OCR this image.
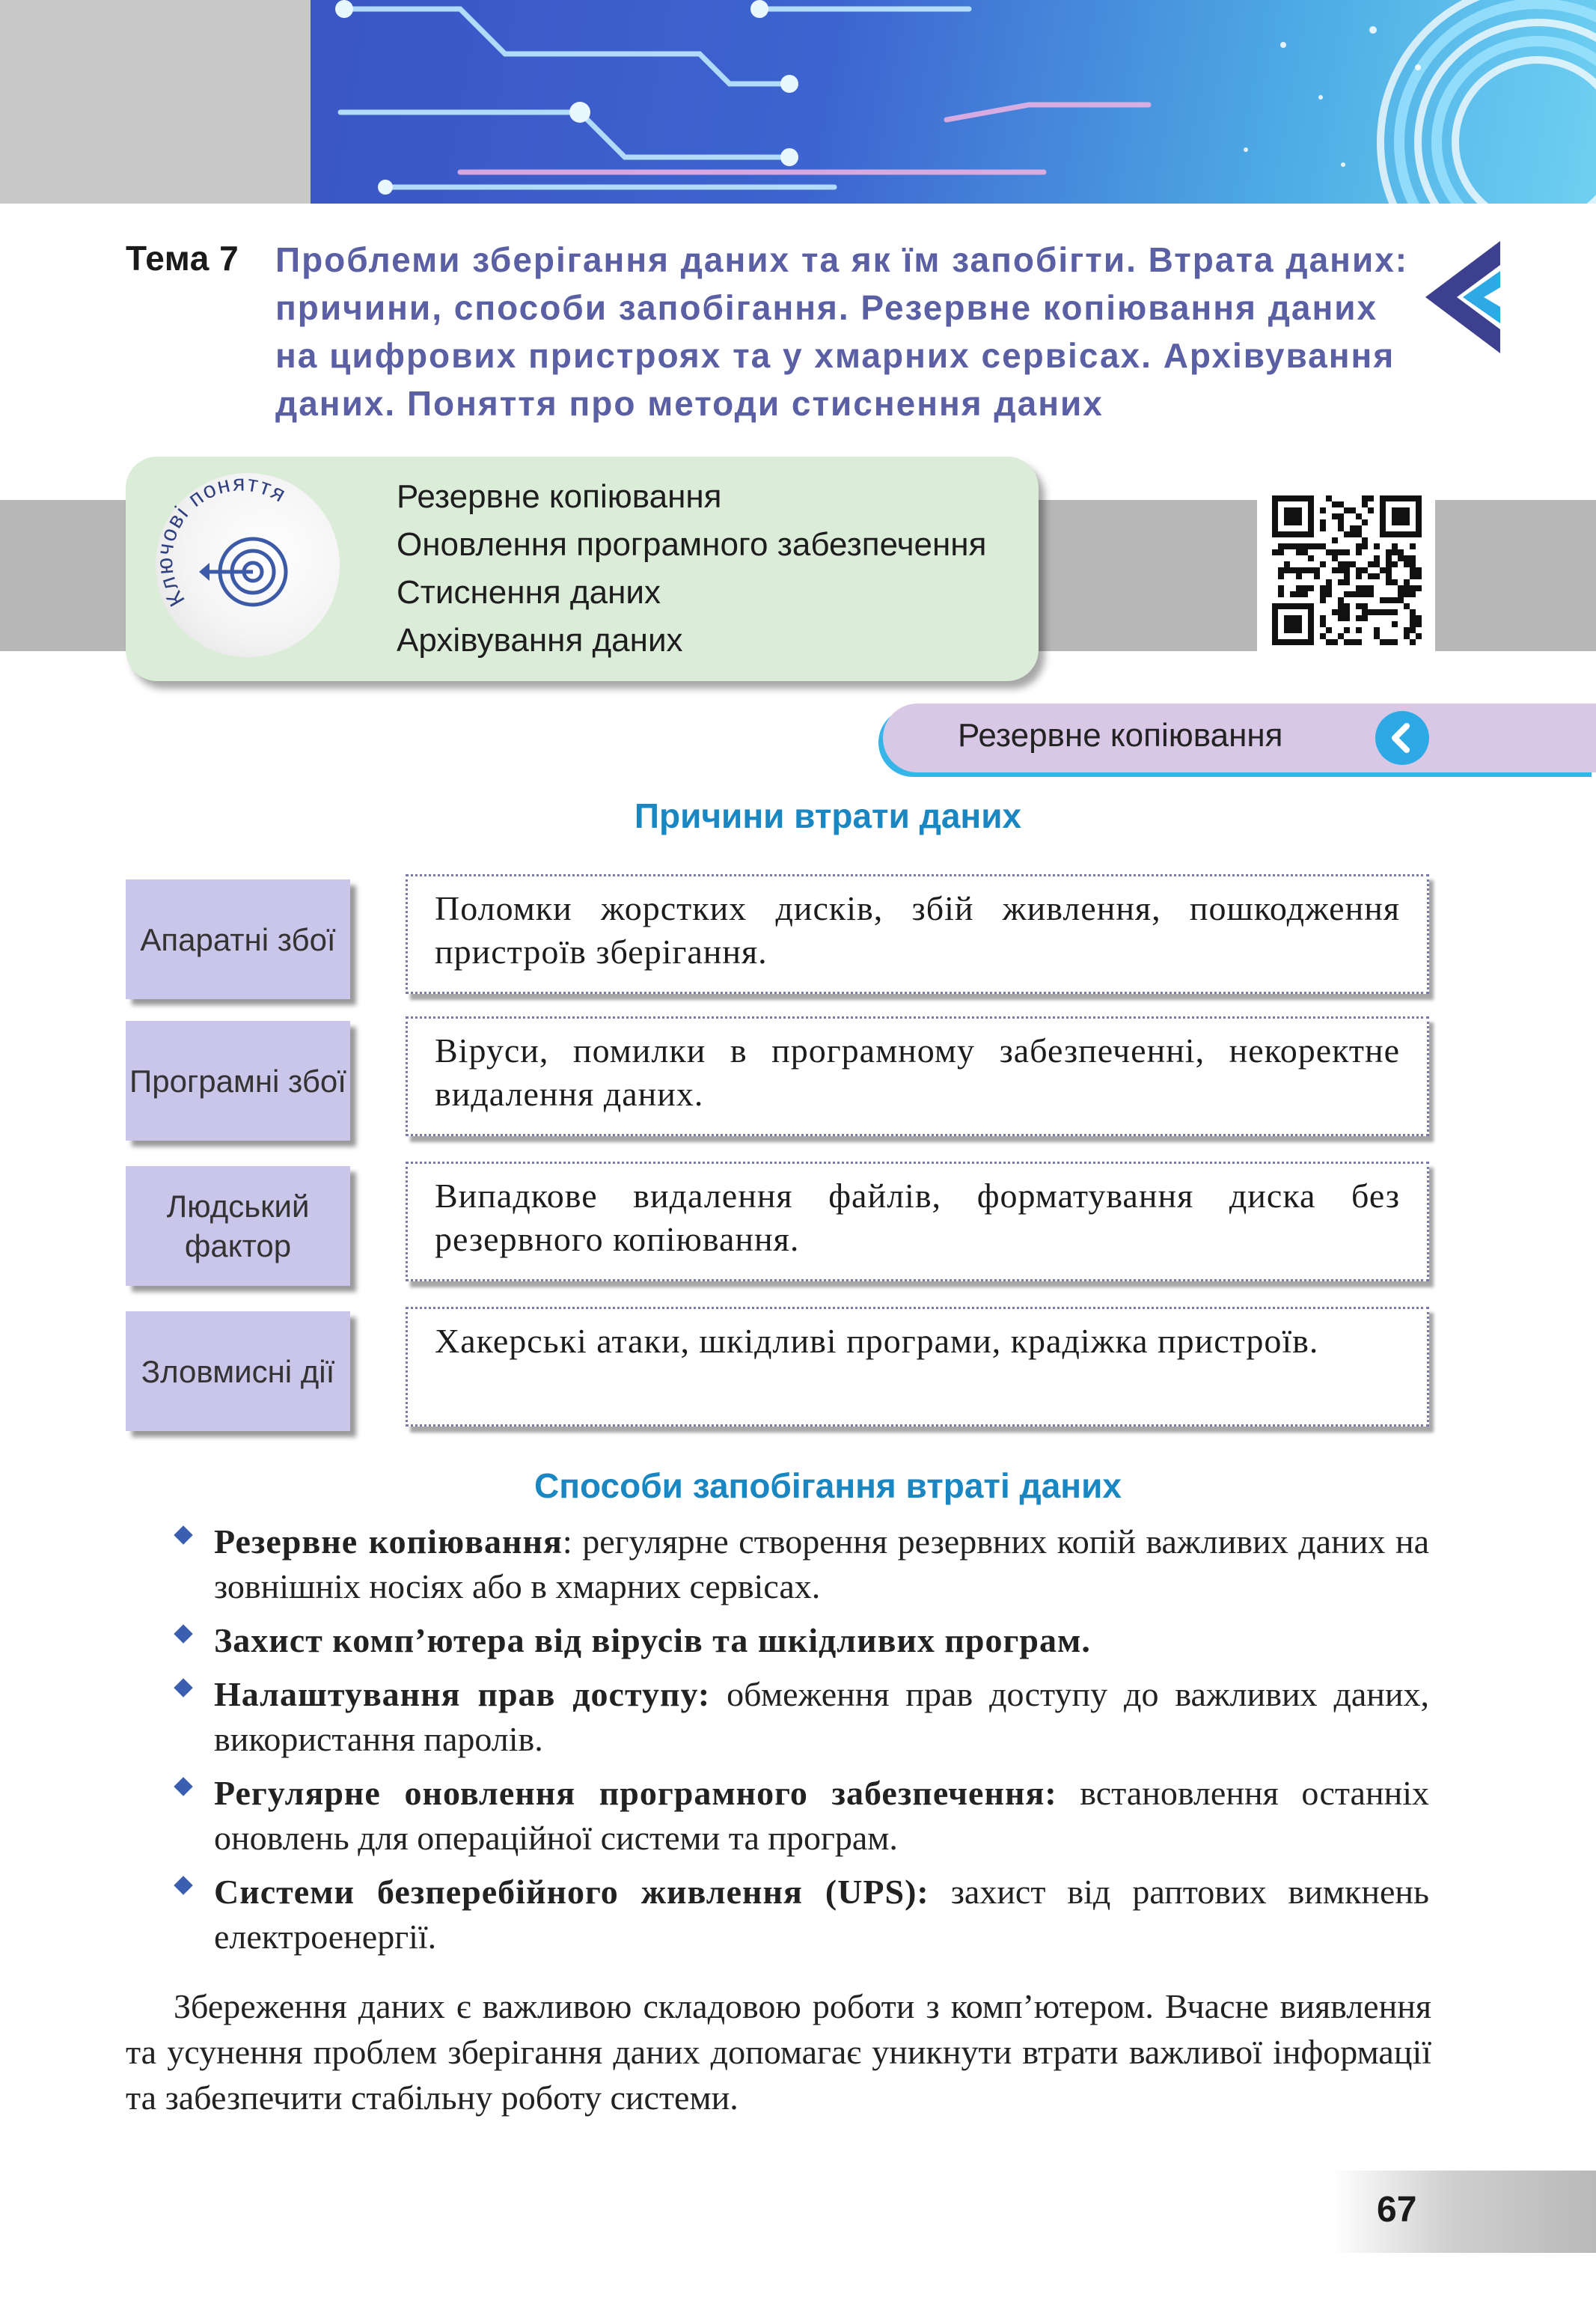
Тема 7 Проблеми зберігання даних та як їм запобігти. Втрата даних: причини, способи запобігання. Резервне копіювання даних на цифрових пристроях та у хмарних сервісах. Архівування даних. Поняття про методи стиснення даних

Кл ові поняття	Резервне копіювання
Оновлення програмного забезпечення
Стиснення даних
Архівування даних
Резервне копіювання
Причини втрати даних
Апаратні збої
Поломки жорстких дисків, збій живлення, пошкодження пристроїв зберігання.
Програмні збої
Віруси, помилки в програмному забезпеченні, некоректне видалення даних.
Людський фактор
Випадкове видалення файлів, форматування диска без резервного копіювання.
Зловмисні дії
Хакерські атаки, шкідливі програми, крадіжка пристроїв.
Способи запобігання втраті даних
Резервне копіювання: регулярне створення резервних копій важливих даних на зовнішніх носіях або в хмарних сервісах.
Захист комп’ютера від вірусів та шкідливих програм.
Налаштування прав доступу: обмеження прав доступу до важливих даних, використання паролів.
Регулярне оновлення програмного забезпечення: встановлення останніх оновлень для операційної системи та програм.
Системи безперебійного живлення (UPS): захист від раптових вимкнень електроенергії.

Збереження даних є важливою складовою роботи з комп’ютером. Вчасне виявлення та усунення проблем зберігання даних допомагає уникнути втрати важливої інформації та забезпечити стабільну роботу системи.

67
